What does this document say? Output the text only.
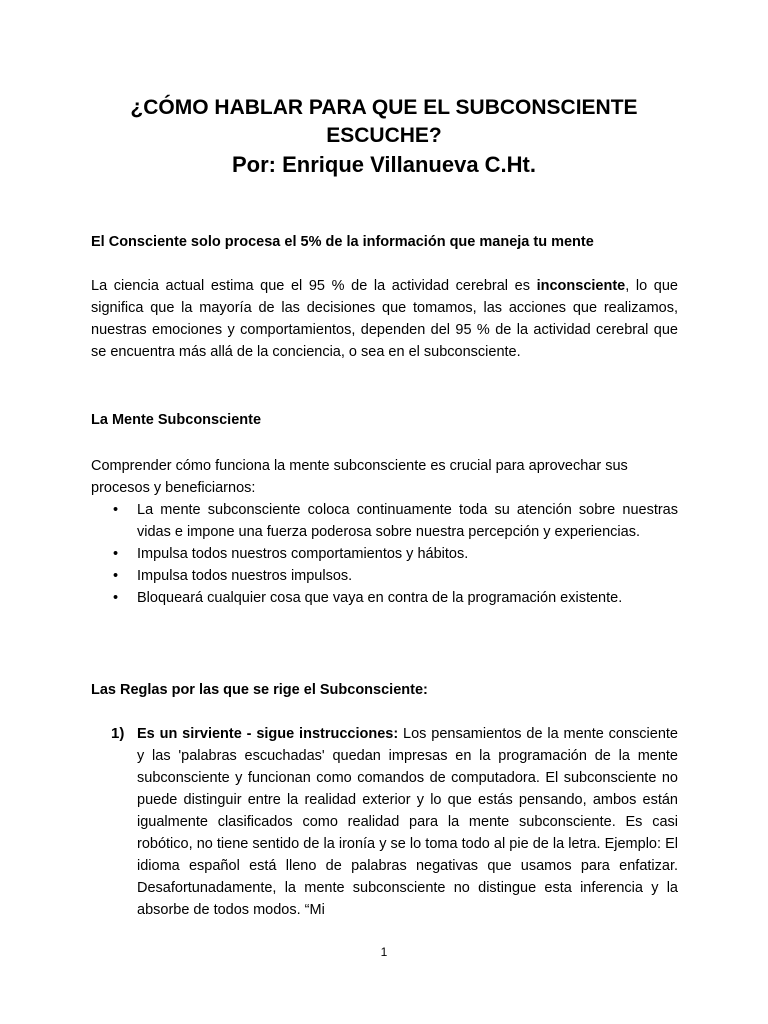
¿CÓMO HABLAR PARA QUE EL SUBCONSCIENTE
ESCUCHE?
Por: Enrique Villanueva C.Ht.
El Consciente solo procesa el 5% de la información que maneja tu mente
La ciencia actual estima que el 95 % de la actividad cerebral es inconsciente, lo que significa que la mayoría de las decisiones que tomamos, las acciones que realizamos, nuestras emociones y comportamientos, dependen del 95 % de la actividad cerebral que se encuentra más allá de la conciencia, o sea en el subconsciente.
La Mente Subconsciente
Comprender cómo funciona la mente subconsciente es crucial para aprovechar sus procesos y beneficiarnos:
• La mente subconsciente coloca continuamente toda su atención sobre nuestras vidas e impone una fuerza poderosa sobre nuestra percepción y experiencias.
• Impulsa todos nuestros comportamientos y hábitos.
• Impulsa todos nuestros impulsos.
• Bloqueará cualquier cosa que vaya en contra de la programación existente.
Las Reglas por las que se rige el Subconsciente:
1) Es un sirviente - sigue instrucciones: Los pensamientos de la mente consciente y las 'palabras escuchadas' quedan impresas en la programación de la mente subconsciente y funcionan como comandos de computadora. El subconsciente no puede distinguir entre la realidad exterior y lo que estás pensando, ambos están igualmente clasificados como realidad para la mente subconsciente. Es casi robótico, no tiene sentido de la ironía y se lo toma todo al pie de la letra. Ejemplo: El idioma español está lleno de palabras negativas que usamos para enfatizar. Desafortunadamente, la mente subconsciente no distingue esta inferencia y la absorbe de todos modos. “Mi
1
